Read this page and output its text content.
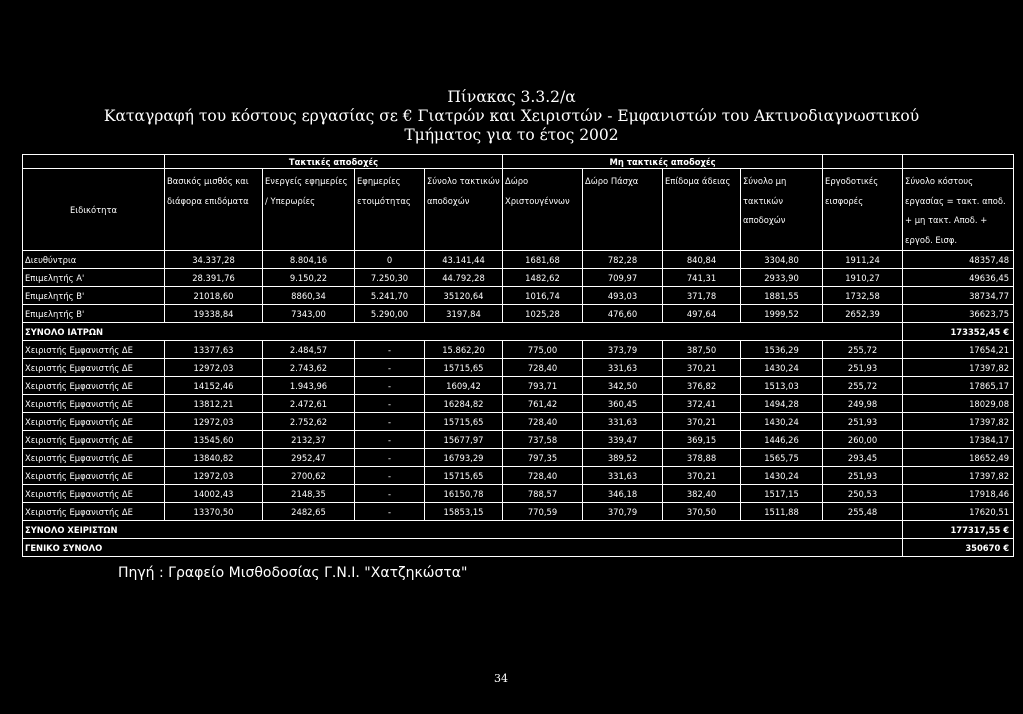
Πίνακας 3.3.2/α
Καταγραφή του κόστους εργασίας σε € Γιατρών και Χειριστών - Εμφανιστών του Ακτινοδιαγνωστικού
Τμήματος για το έτος 2002
	Τακτικές αποδοχές				Μη τακτικές αποδοχές					
Ειδικότητα	Βασικός μισθός και διάφορα επιδόματα	Ενεργείς εφημερίες / Υπερωρίες	Εφημερίες ετοιμότητας	Σύνολο τακτικών αποδοχών	Δώρο Χριστουγέννων	Δώρο Πάσχα	Επίδομα άδειας	Σύνολο μη τακτικών αποδοχών	Εργοδοτικές εισφορές	Σύνολο κόστους εργασίας = τακτ. αποδ. + μη τακτ. Αποδ. + εργοδ. Εισφ.
Διευθύντρια	34.337,28	8.804,16	0	43.141,44	1681,68	782,28	840,84	3304,80	1911,24	48357,48
Επιμελητής Α'	28.391,76	9.150,22	7.250,30	44.792,28	1482,62	709,97	741,31	2933,90	1910,27	49636,45
Επιμελητής Β'	21018,60	8860,34	5.241,70	35120,64	1016,74	493,03	371,78	1881,55	1732,58	38734,77
Επιμελητής Β'	19338,84	7343,00	5.290,00	3197,84	1025,28	476,60	497,64	1999,52	2652,39	36623,75
ΣΥΝΟΛΟ ΙΑΤΡΩΝ										173352,45 €
Χειριστής Εμφανιστής ΔΕ	13377,63	2.484,57	-	15.862,20	775,00	373,79	387,50	1536,29	255,72	17654,21
Χειριστής Εμφανιστής ΔΕ	12972,03	2.743,62	-	15715,65	728,40	331,63	370,21	1430,24	251,93	17397,82
Χειριστής Εμφανιστής ΔΕ	14152,46	1.943,96	-	1609,42	793,71	342,50	376,82	1513,03	255,72	17865,17
Χειριστής Εμφανιστής ΔΕ	13812,21	2.472,61	-	16284,82	761,42	360,45	372,41	1494,28	249,98	18029,08
Χειριστής Εμφανιστής ΔΕ	12972,03	2.752,62	-	15715,65	728,40	331,63	370,21	1430,24	251,93	17397,82
Χειριστής Εμφανιστής ΔΕ	13545,60	2132,37	-	15677,97	737,58	339,47	369,15	1446,26	260,00	17384,17
Χειριστής Εμφανιστής ΔΕ	13840,82	2952,47	-	16793,29	797,35	389,52	378,88	1565,75	293,45	18652,49
Χειριστής Εμφανιστής ΔΕ	12972,03	2700,62	-	15715,65	728,40	331,63	370,21	1430,24	251,93	17397,82
Χειριστής Εμφανιστής ΔΕ	14002,43	2148,35	-	16150,78	788,57	346,18	382,40	1517,15	250,53	17918,46
Χειριστής Εμφανιστής ΔΕ	13370,50	2482,65	-	15853,15	770,59	370,79	370,50	1511,88	255,48	17620,51
ΣΥΝΟΛΟ ΧΕΙΡΙΣΤΩΝ										177317,55 €
ΓΕΝΙΚΟ ΣΥΝΟΛΟ										350670 €
Πηγή : Γραφείο Μισθοδοσίας Γ.Ν.Ι. "Χατζηκώστα"
34
